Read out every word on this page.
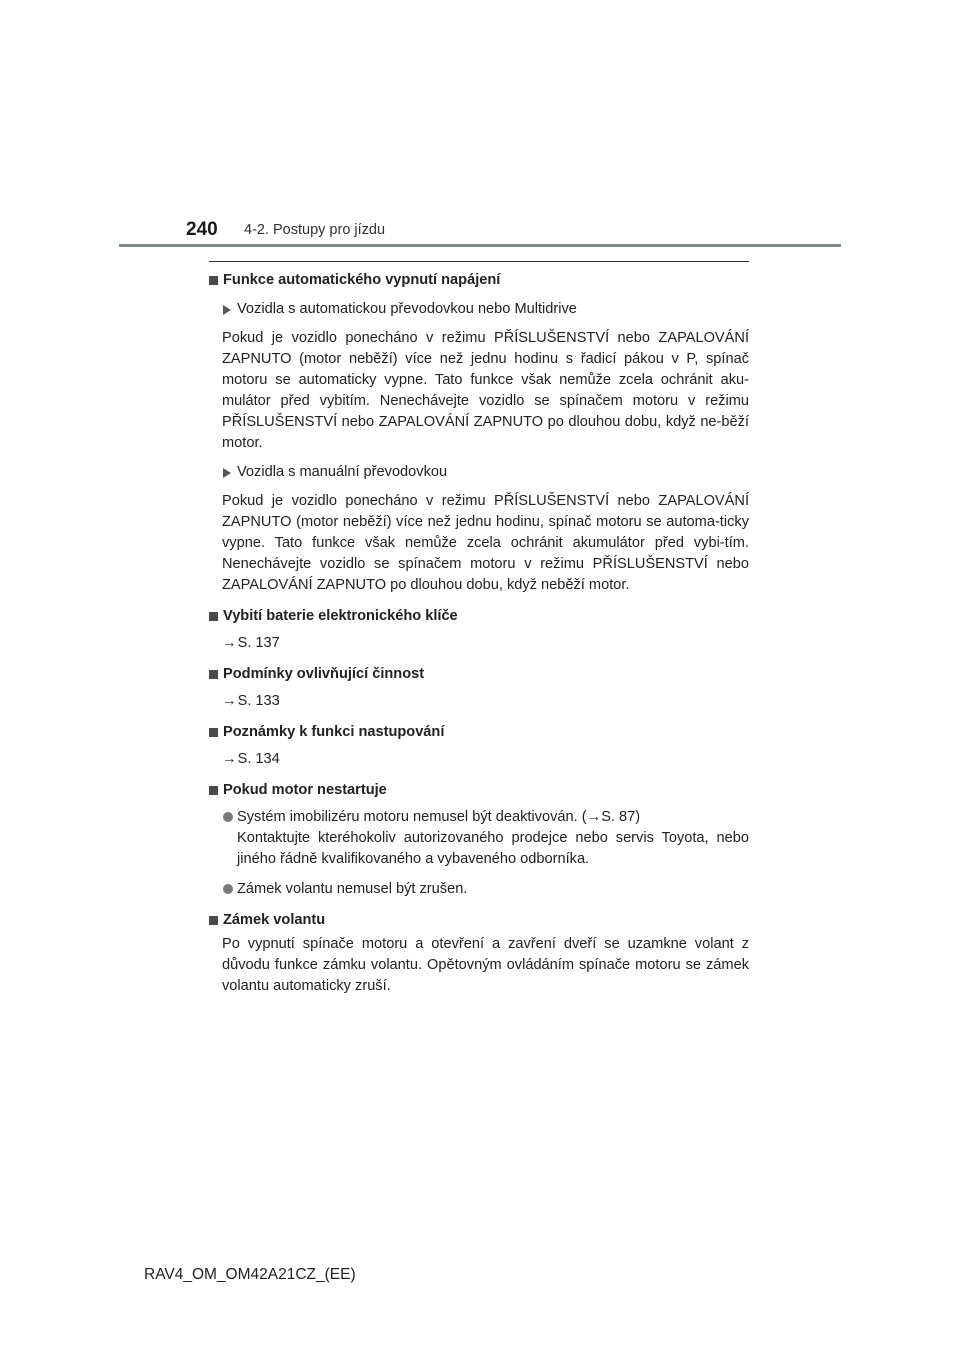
240 4-2. Postupy pro jízdu
Funkce automatického vypnutí napájení
Vozidla s automatickou převodovkou nebo Multidrive
Pokud je vozidlo ponecháno v režimu PŘÍSLUŠENSTVÍ nebo ZAPALOVÁNÍ ZAPNUTO (motor neběží) více než jednu hodinu s řadicí pákou v P, spínač motoru se automaticky vypne. Tato funkce však nemůže zcela ochránit aku-mulátor před vybitím. Nenechávejte vozidlo se spínačem motoru v režimu PŘÍSLUŠENSTVÍ nebo ZAPALOVÁNÍ ZAPNUTO po dlouhou dobu, když ne-běží motor.
Vozidla s manuální převodovkou
Pokud je vozidlo ponecháno v režimu PŘÍSLUŠENSTVÍ nebo ZAPALOVÁNÍ ZAPNUTO (motor neběží) více než jednu hodinu, spínač motoru se automa-ticky vypne. Tato funkce však nemůže zcela ochránit akumulátor před vybi-tím. Nenechávejte vozidlo se spínačem motoru v režimu PŘÍSLUŠENSTVÍ nebo ZAPALOVÁNÍ ZAPNUTO po dlouhou dobu, když neběží motor.
Vybití baterie elektronického klíče
→S. 137
Podmínky ovlivňující činnost
→S. 133
Poznámky k funkci nastupování
→S. 134
Pokud motor nestartuje
Systém imobilizéru motoru nemusel být deaktivován. (→S. 87)
Kontaktujte kteréhokoliv autorizovaného prodejce nebo servis Toyota, nebo jiného řádně kvalifikovaného a vybaveného odborníka.
Zámek volantu nemusel být zrušen.
Zámek volantu
Po vypnutí spínače motoru a otevření a zavření dveří se uzamkne volant z důvodu funkce zámku volantu. Opětovným ovládáním spínače motoru se zámek volantu automaticky zruší.
RAV4_OM_OM42A21CZ_(EE)
